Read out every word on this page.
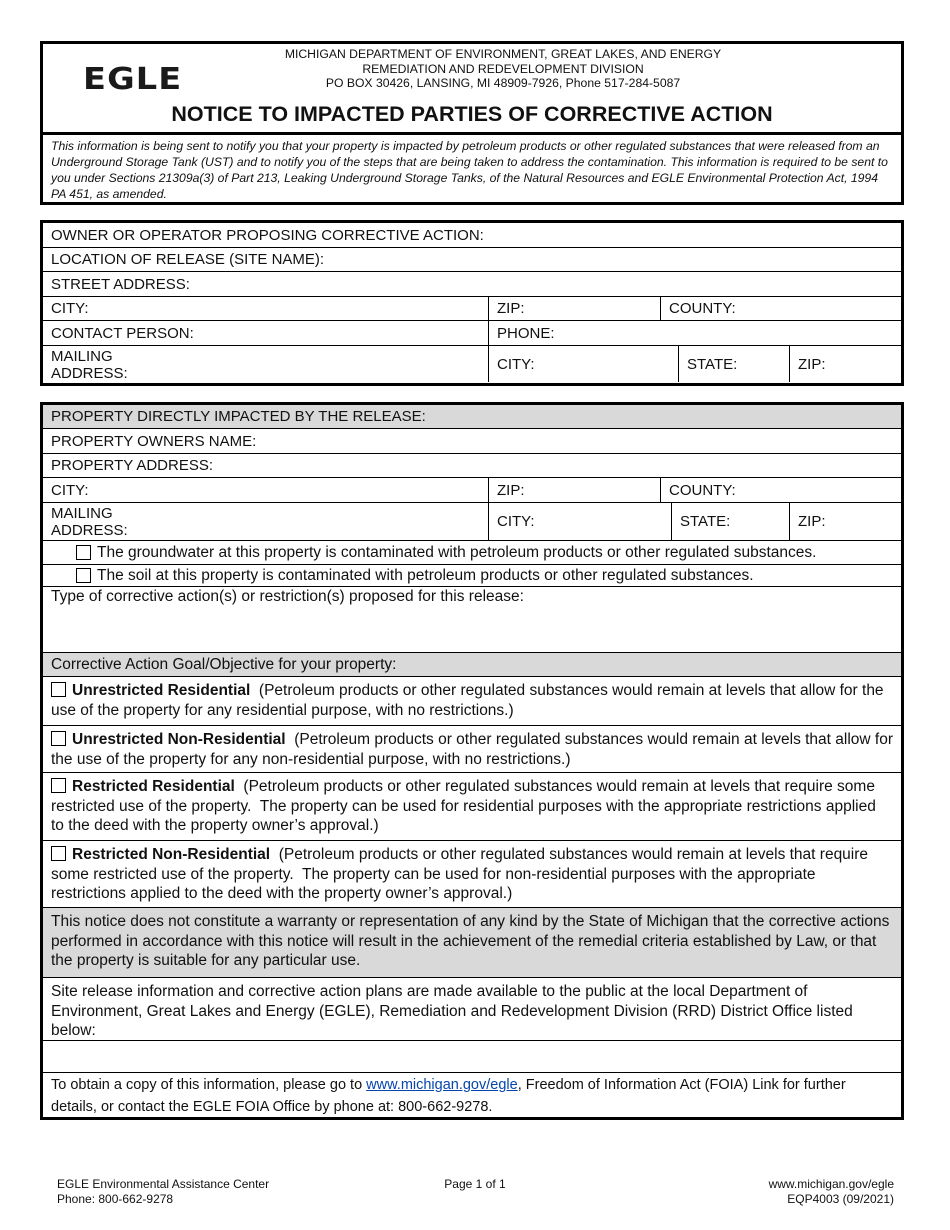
EGLE
MICHIGAN DEPARTMENT OF ENVIRONMENT, GREAT LAKES, AND ENERGY
REMEDIATION AND REDEVELOPMENT DIVISION
PO BOX 30426, LANSING, MI 48909-7926, Phone 517-284-5087
NOTICE TO IMPACTED PARTIES OF CORRECTIVE ACTION
This information is being sent to notify you that your property is impacted by petroleum products or other regulated substances that were released from an Underground Storage Tank (UST) and to notify you of the steps that are being taken to address the contamination. This information is required to be sent to you under Sections 21309a(3) of Part 213, Leaking Underground Storage Tanks, of the Natural Resources and EGLE Environmental Protection Act, 1994 PA 451, as amended.
OWNER OR OPERATOR PROPOSING CORRECTIVE ACTION:
LOCATION OF RELEASE (SITE NAME):
STREET ADDRESS:
CITY:	ZIP:	COUNTY:
CONTACT PERSON:	PHONE:
MAILING
ADDRESS:
CITY:	STATE:	ZIP:
PROPERTY DIRECTLY IMPACTED BY THE RELEASE:
PROPERTY OWNERS NAME:
PROPERTY ADDRESS:
CITY:	ZIP:	COUNTY:
MAILING
ADDRESS:
CITY:	STATE:	ZIP:
The groundwater at this property is contaminated with petroleum products or other regulated substances.
The soil at this property is contaminated with petroleum products or other regulated substances.
Type of corrective action(s) or restriction(s) proposed for this release:
Corrective Action Goal/Objective for your property:
Unrestricted Residential  (Petroleum products or other regulated substances would remain at levels that allow for the use of the property for any residential purpose, with no restrictions.)
Unrestricted Non-Residential  (Petroleum products or other regulated substances would remain at levels that allow for the use of the property for any non-residential purpose, with no restrictions.)
Restricted Residential  (Petroleum products or other regulated substances would remain at levels that require some restricted use of the property.  The property can be used for residential purposes with the appropriate restrictions applied to the deed with the property owner’s approval.)
Restricted Non-Residential  (Petroleum products or other regulated substances would remain at levels that require some restricted use of the property.  The property can be used for non-residential purposes with the appropriate restrictions applied to the deed with the property owner’s approval.)
This notice does not constitute a warranty or representation of any kind by the State of Michigan that the corrective actions performed in accordance with this notice will result in the achievement of the remedial criteria established by Law, or that the property is suitable for any particular use.
Site release information and corrective action plans are made available to the public at the local Department of Environment, Great Lakes and Energy (EGLE), Remediation and Redevelopment Division (RRD) District Office listed below:
To obtain a copy of this information, please go to www.michigan.gov/egle, Freedom of Information Act (FOIA) Link for further details, or contact the EGLE FOIA Office by phone at: 800-662-9278.
EGLE Environmental Assistance Center
Phone: 800-662-9278
Page 1 of 1	www.michigan.gov/egle
EQP4003 (09/2021)
